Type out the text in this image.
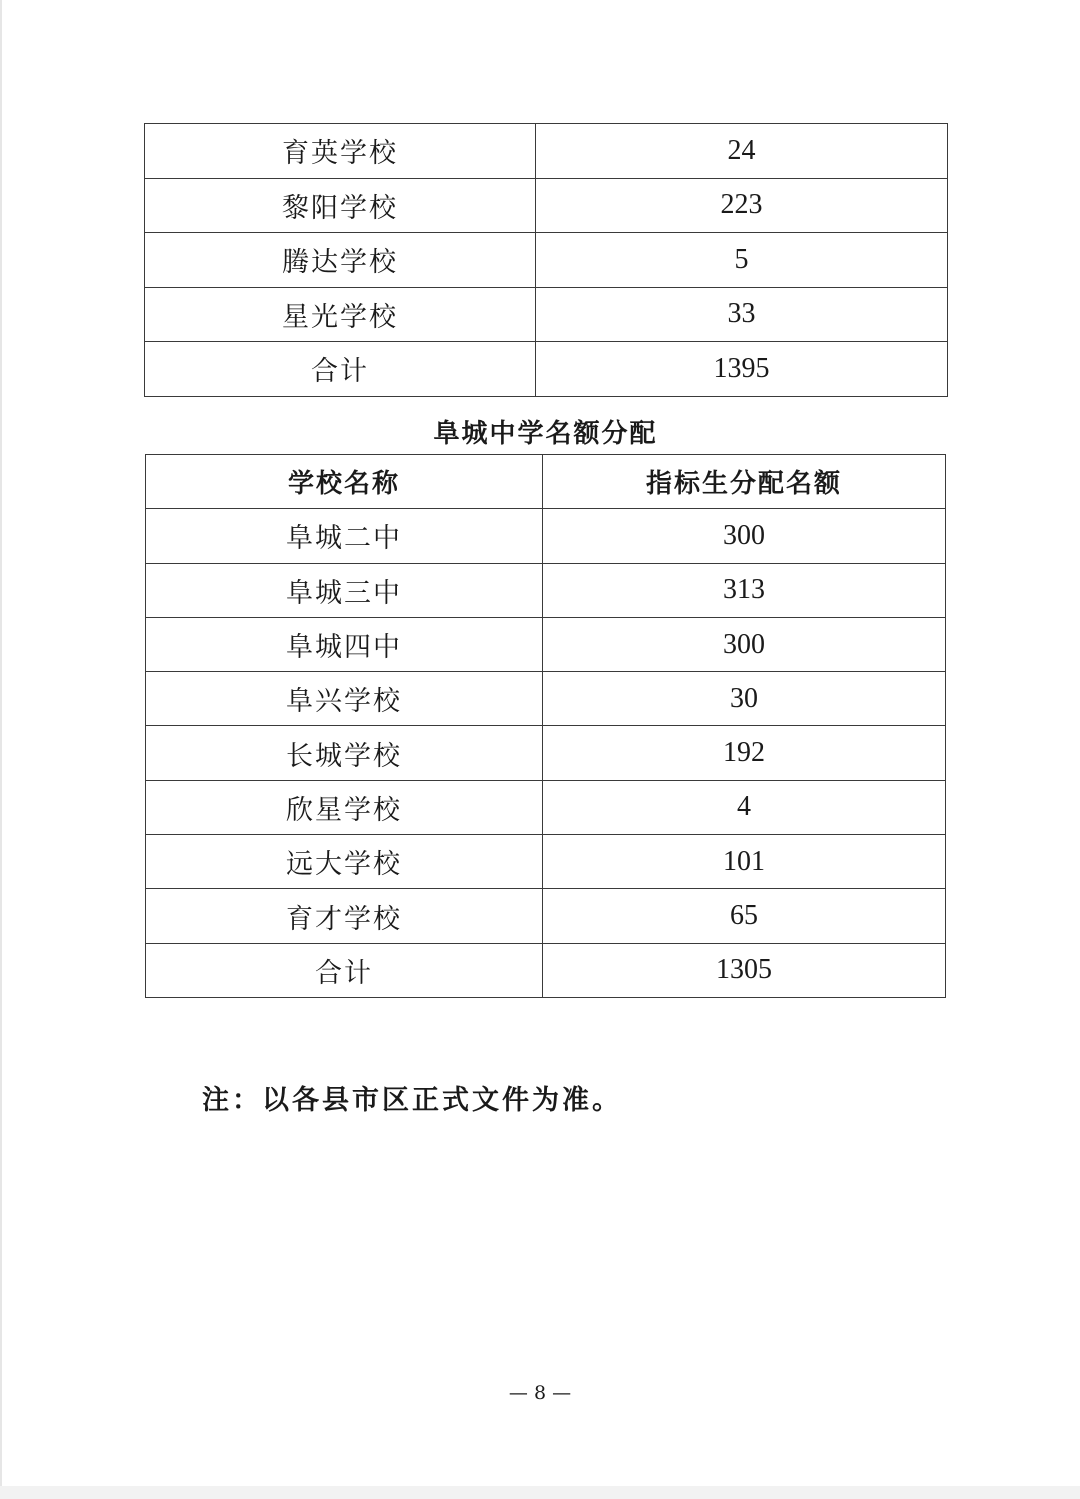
育英学校	24
黎阳学校	223
腾达学校	5
星光学校	33
合计	1395
阜城中学名额分配
学校名称	指标生分配名额
阜城二中	300
阜城三中	313
阜城四中	300
阜兴学校	30
长城学校	192
欣星学校	4
远大学校	101
育才学校	65
合计	1305
注：以各县市区正式文件为准。
— 8 —
